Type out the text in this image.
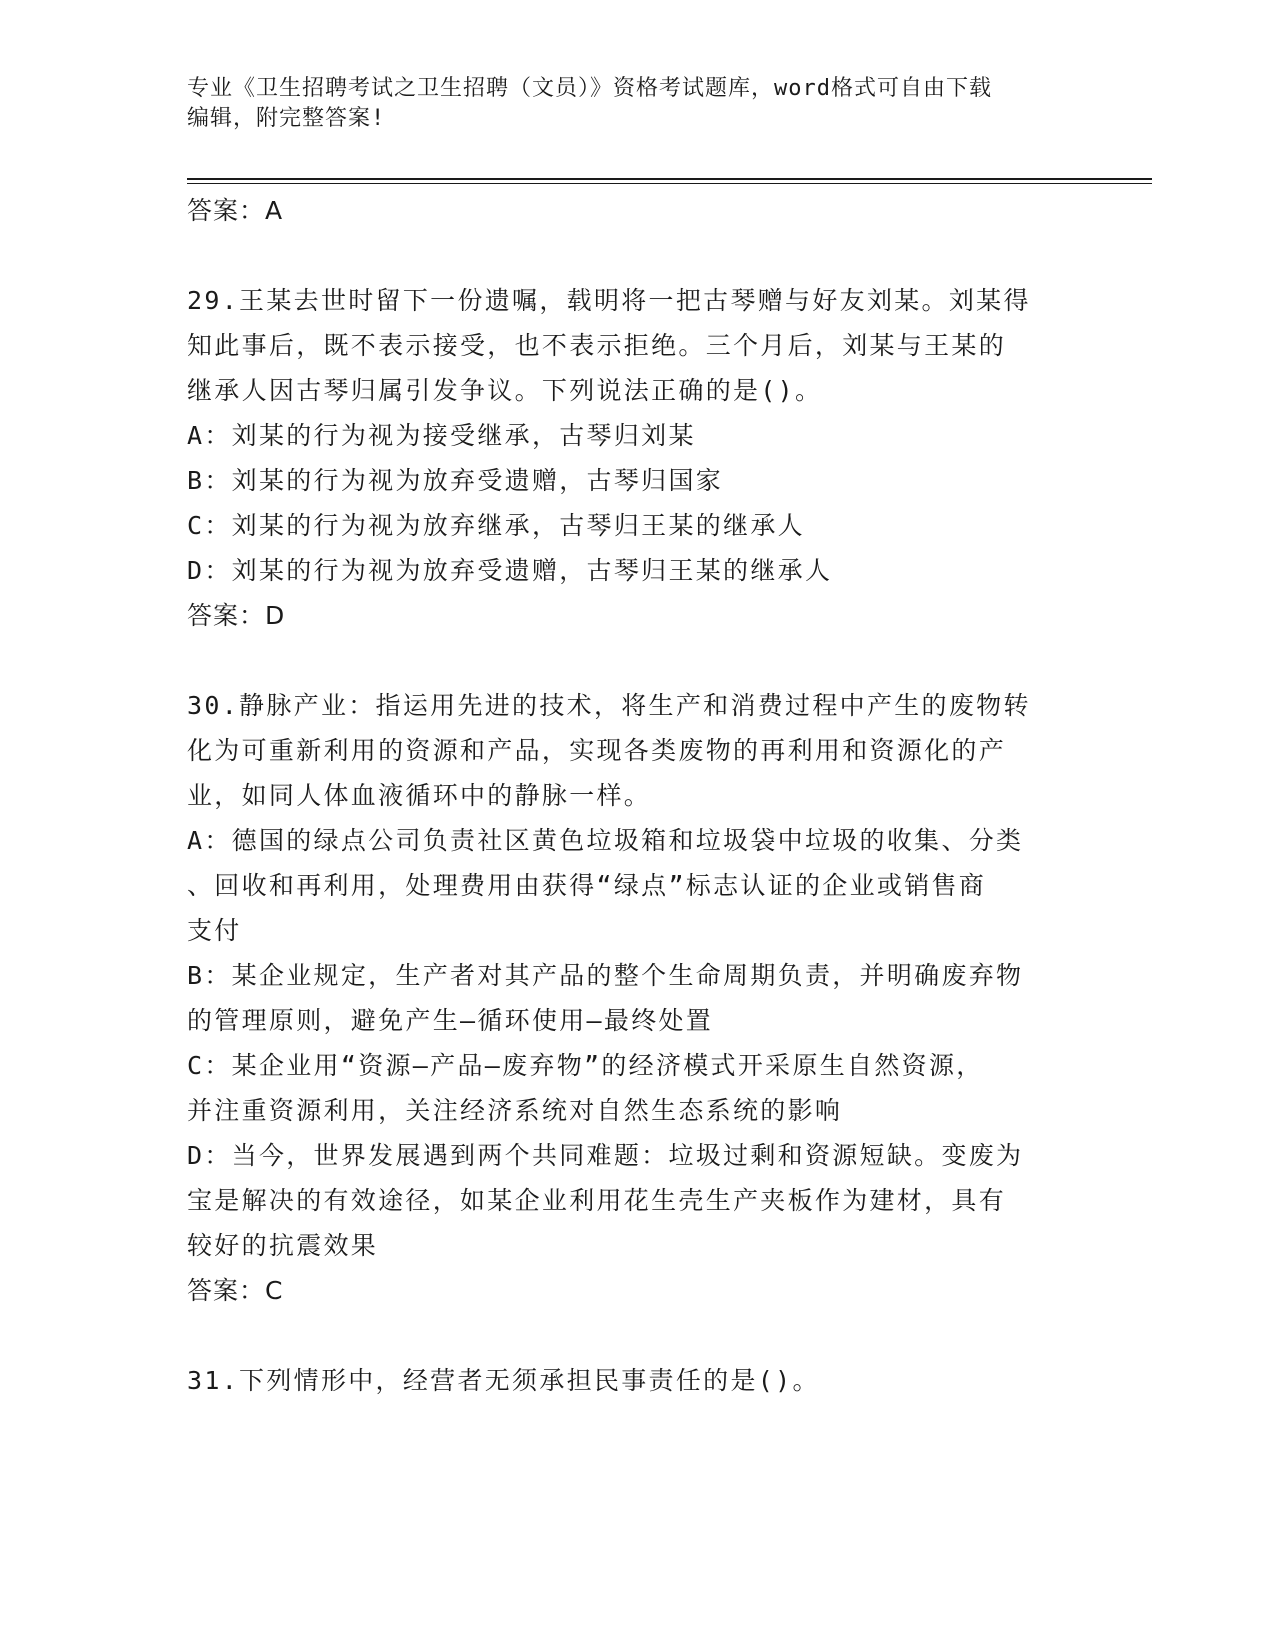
专业《卫生招聘考试之卫生招聘（文员）》资格考试题库，word格式可自由下载
编辑，附完整答案!
答案：A
29.王某去世时留下一份遗嘱，载明将一把古琴赠与好友刘某。刘某得
知此事后，既不表示接受，也不表示拒绝。三个月后，刘某与王某的
继承人因古琴归属引发争议。下列说法正确的是()。
A：刘某的行为视为接受继承，古琴归刘某
B：刘某的行为视为放弃受遗赠，古琴归国家
C：刘某的行为视为放弃继承，古琴归王某的继承人
D：刘某的行为视为放弃受遗赠，古琴归王某的继承人
答案：D
30.静脉产业：指运用先进的技术，将生产和消费过程中产生的废物转
化为可重新利用的资源和产品，实现各类废物的再利用和资源化的产
业，如同人体血液循环中的静脉一样。
A：德国的绿点公司负责社区黄色垃圾箱和垃圾袋中垃圾的收集、分类
、回收和再利用，处理费用由获得“绿点”标志认证的企业或销售商
支付
B：某企业规定，生产者对其产品的整个生命周期负责，并明确废弃物
的管理原则，避免产生—循环使用—最终处置
C：某企业用“资源—产品—废弃物”的经济模式开采原生自然资源，
并注重资源利用，关注经济系统对自然生态系统的影响
D：当今，世界发展遇到两个共同难题：垃圾过剩和资源短缺。变废为
宝是解决的有效途径，如某企业利用花生壳生产夹板作为建材，具有
较好的抗震效果
答案：C
31.下列情形中，经营者无须承担民事责任的是()。
